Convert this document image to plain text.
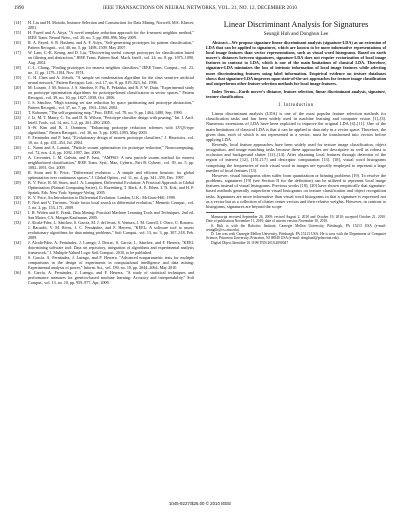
1990	IEEE TRANSACTIONS ON NEURAL NETWORKS, VOL. 21, NO. 12, DECEMBER 2010
[14]	H. Liu and H. Motoda, Instance Selection and Construction for Data Mining. Norwell, MA: Kluwer, 2001.
[15]	H. Fayed and A. Atiya, "A novel template reduction approach for the k-nearest neighbor method," IEEE Trans. Neural Netw., vol. 20, no. 5, pp. 890–896, May 2009.
[16]	R. A. Fayed, S. R. Hashem, and A. F. Atiya, "Self-generating prototypes for pattern classification," Pattern Recognit., vol. 40, no. 5, pp. 1498–1509, May 2007.
[17]	W. Lam, C.-K. Keung, and D. Liu, "Discovering useful concept prototypes for classification based on filtering and abstraction," IEEE Trans. Pattern Anal. Mach. Intell., vol. 24, no. 8, pp. 1075–1090, Aug. 2002.
[18]	C.-L. Chang, "Finding prototypes for nearest neighbor classifiers," IEEE Trans. Comput., vol. 23, no. 11, pp. 1179–1184, Nov. 1974.
[19]	C. H. Chen and A. Jóźwik, "A sample set condensation algorithm for the class sensitive artificial neural network," Pattern Recognit. Lett., vol. 17, no. 8, pp. 819–823, Jul. 1996.
[20]	M. Lozano, J. M. Sotoca, J. S. Sánchez, F. Pla, E. Pekalska, and R. P. W. Duin, "Experimental study on prototype optimisation algorithms for prototype-based classification in vector spaces," Pattern Recognit., vol. 39, no. 10, pp. 1827–1838, Oct. 2006.
[21]	J. S. Sánchez, "High training set size reduction by space partitioning and prototype abstraction," Pattern Recognit., vol. 37, no. 7, pp. 1561–1564, 2004.
[22]	T. Kohonen, "The self organizing map," Proc. IEEE, vol. 78, no. 9, pp. 1464–1480, Sep. 1990.
[23]	J. Li, M. T. Manry, C. Yu, and D. R. Wilson, "Prototype classifier design with pruning," Int. J. Artif. Intell. Tools, vol. 14, nos. 1–2, pp. 261–280, 2005.
[24]	S.-W. Kim and B. J. Oommen, "Enhancing prototype reduction schemes with LVQ3-type algorithms," Pattern Recognit., vol. 36, no. 5, pp. 1083–1093, May 2003.
[25]	F. Fernández and P. Isasi, "Evolutionary design of nearest prototype classifiers," J. Heuristics, vol. 10, no. 4, pp. 431–454, Jul. 2004.
[26]	L. Nanni and A. Lumini, "Particle swarm optimization for prototype reduction," Neurocomputing, vol. 72, nos. 4–6, pp. 1092–1097, Jan. 2009.
[27]	A. Cervantes, I. M. Galván, and P. Isasi, "AMPSO: A new particle swarm method for nearest neighborhood classification," IEEE Trans. Syst., Man, Cybern., Part B: Cybern., vol. 39, no. 5, pp. 1082–1091, Oct. 2009.
[28]	R. Storn and K. Price, "Differential evolution – A simple and efficient heuristic for global optimization over continuous spaces," J. Global Optim., vol. 11, no. 4, pp. 341–359, Dec. 1997.
[29]	K. V. Price, R. M. Storn, and J. A. Lampinen, Differential Evolution: A Practical Approach to Global Optimization (Natural Computing Series), G. Rozenberg, T. Bäck, A. E. Eiben, J. N. Kok, and H. P. Spaink, Eds. New York: Springer-Verlag, 2005.
[30]	K. V. Price, An Introduction to Differential Evolution. London, U.K.: McGraw-Hill, 1999.
[31]	F. Neri and V. Tirronen, "Scale factor local search in differential evolution," Memetic Comput., vol. 1, no. 2, pp. 153–171, 2009.
[32]	I. H. Witten and E. Frank, Data Mining: Practical Machine Learning Tools and Techniques, 2nd ed. San Mateo, CA: Morgan Kaufmann, 2005.
[33]	J. Alcalá-Fdez, L. Sánchez, S. García, M. J. del Jesus, S. Ventura, J. M. Garrell, J. Otero, C. Romero, J. Bacardit, V. M. Rivas, J. C. Fernández, and F. Herrera, "KEEL: A software tool to assess evolutionary algorithms for data mining problems," Soft Comput., vol. 13, no. 3, pp. 307–318, Feb. 2009.
[34]	J. Alcalá-Fdez, A. Fernández, J. Luengo, J. Derrac, S. García, L. Sánchez, and F. Herrera, "KEEL data-mining software tool: Data set repository, integration of algorithms and experimental analysis framework," J. Multiple-Valued Logic Soft Comput., 2010, to be published.
[35]	S. García, A. Fernández, J. Luengo, and F. Herrera, "Advanced nonparametric tests for multiple comparisons in the design of experiments in computational intelligence and data mining: Experimental analysis of power," Inform. Sci., vol. 180, no. 10, pp. 2044–2064, May 2010.
[36]	S. García, A. Fernández, J. Luengo, and F. Herrera, "A study of statistical techniques and performance measures for genetics-based machine learning: Accuracy and interpretability," Soft Comput., vol. 13, no. 10, pp. 959–977, Apr. 2009.
Linear Discriminant Analysis for Signatures
Seungil Huh and Donghun Lee

Abstract—We propose signature linear discriminant analysis (signature-LDA) as an extension of LDA that can be applied to signatures, which are known to be more informative representations of local image features than vector representations, such as visual word histograms. Based on earth mover's distances between signatures, signature-LDA does not require vectorization of local image features in contrast to LDA, which is one of the main limitations of classical LDA. Therefore, signature-LDA minimizes the loss of intrinsic information of local image features while selecting more discriminating features using label information. Empirical evidence on texture databases shows that signature-LDA improves upon state-of-the-art approaches for texture image classification and outperforms other feature selection methods for local image features.

Index Terms—Earth mover's distance, feature selection, linear discriminant analysis, signature, texture classification.

I. Introduction

Linear discriminant analysis (LDA) is one of the most popular feature selection methods for classification tasks and has been widely used in machine learning and computer vision [1]–[3]. Numerous extensions of LDA have been exploited to improve the original LDA [4]–[11]. One of the main limitations of classical LDA is that it can be applied to data only in a vector space. Therefore, the given data, each of which is not represented in a vector, must be transformed into vectors before applying LDA.

Recently, local feature approaches have been widely used for texture image classification, object recognition, and image matching tasks because these approaches are descriptive as well as robust to occlusion and background clutter [12]–[14]. After obtaining local features through detection of the region of interest [12], [15]–[17] and descriptor computation [13], [18], visual word histograms comprising the frequencies of each visual word in images are typically employed to represent a large number of local features [13].

However, visual histograms often suffer from quantization or binning problems [19]. To resolve the problems, signatures [19] (see Section II for the definition) can be utilized to represent local image features instead of visual histograms. Previous works [18], [20] have shown empirically that signature-based methods generally outperform visual histograms on texture classification and object recognition tasks. Signatures are more informative than visual word histograms in that a signature is expressed not as a vector but as a collection of cluster center vectors and their relative weights. However, in contrast to histograms, signatures are beyond the scope

Manuscript received September 26, 2009; revised August 2, 2010 and October 19, 2010; accepted October 21, 2010. Date of publication November 11, 2010; date of current version November 30, 2010.

S. Huh is with the Robotics Institute, Carnegie Mellon University, Pittsburgh, PA 15213 USA (e-mail: seungilh@cs.cmu.edu).

D. Lee was with Carnegie Mellon University, Pittsburgh, PA 15213 USA. He is now with the Department of Computer Science, Princeton University, Princeton, NJ 08540 USA (e-mail: donghunl@princeton.edu).

Digital Object Identifier 10.1109/TNN.2010.2090047

1045-9227/$26.00 © 2010 IEEE
